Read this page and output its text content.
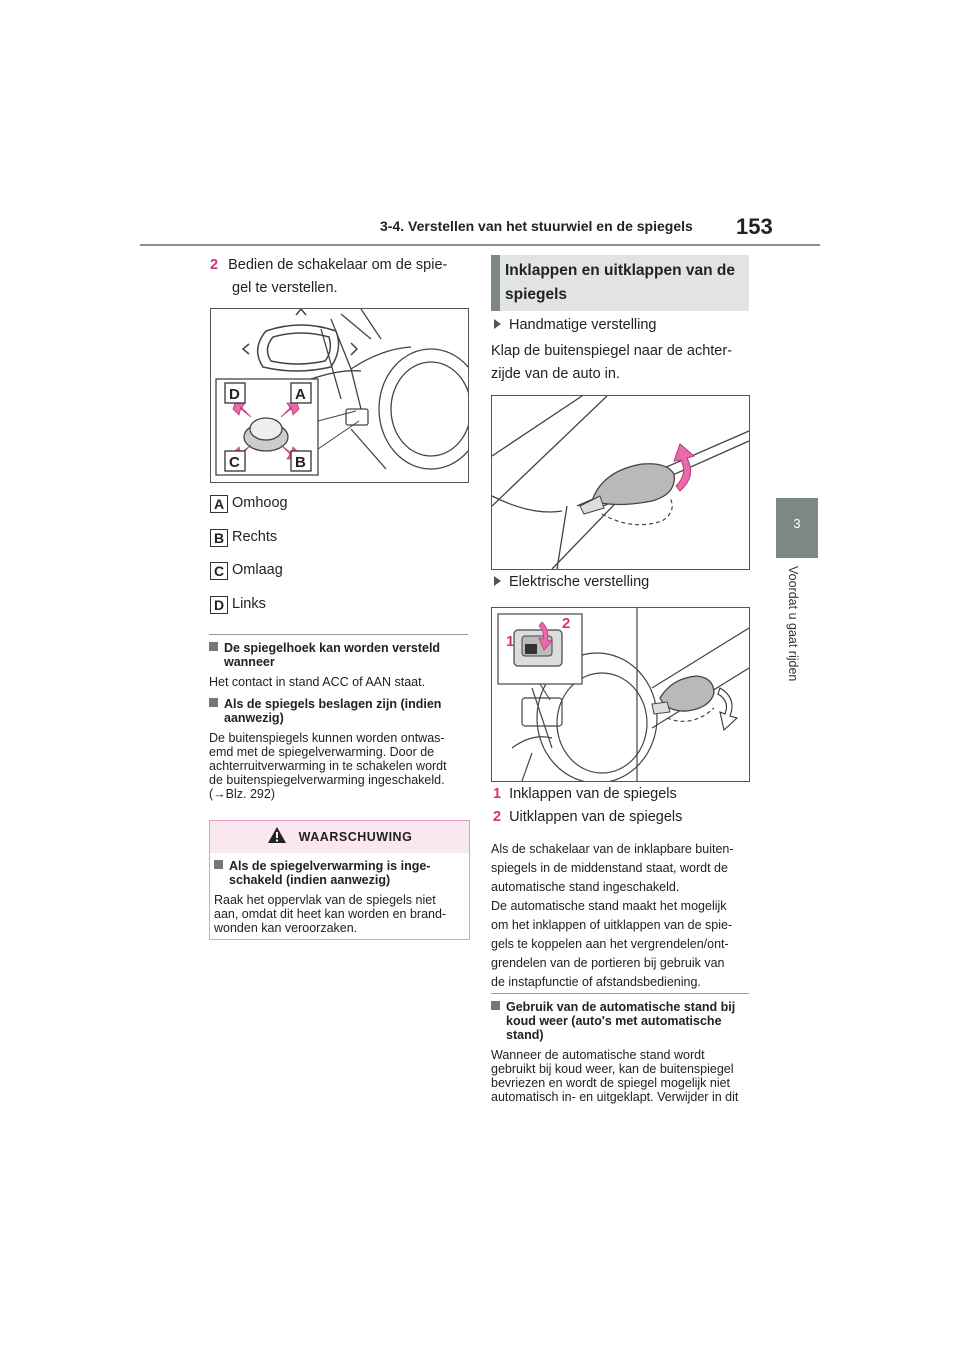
3-4. Verstellen van het stuurwiel en de spiegels 153
3
Voordat u gaat rijden
2 Bedien de schakelaar om de spie-
gel te verstellen.
D	A
C	B
A Omhoog
B Rechts
C Omlaag
D Links
De spiegelhoek kan worden versteld
wanneer
Het contact in stand ACC of AAN staat.
Als de spiegels beslagen zijn (indien
aanwezig)
De buitenspiegels kunnen worden ontwas-
emd met de spiegelverwarming. Door de
achterruitverwarming in te schakelen wordt
de buitenspiegelverwarming ingeschakeld.
(→Blz. 292)
WAARSCHUWING
Als de spiegelverwarming is inge-
schakeld (indien aanwezig)
Raak het oppervlak van de spiegels niet
aan, omdat dit heet kan worden en brand-
wonden kan veroorzaken.
Inklappen en uitklappen van de
spiegels
Handmatige verstelling
Klap de buitenspiegel naar de achter-
zijde van de auto in.
Elektrische verstelling
1
2
1 Inklappen van de spiegels
2 Uitklappen van de spiegels
Als de schakelaar van de inklapbare buiten-
spiegels in de middenstand staat, wordt de
automatische stand ingeschakeld.
De automatische stand maakt het mogelijk
om het inklappen of uitklappen van de spie-
gels te koppelen aan het vergrendelen/ont-
grendelen van de portieren bij gebruik van
de instapfunctie of afstandsbediening.
Gebruik van de automatische stand bij
koud weer (auto's met automatische
stand)
Wanneer de automatische stand wordt
gebruikt bij koud weer, kan de buitenspiegel
bevriezen en wordt de spiegel mogelijk niet
automatisch in- en uitgeklapt. Verwijder in dit
